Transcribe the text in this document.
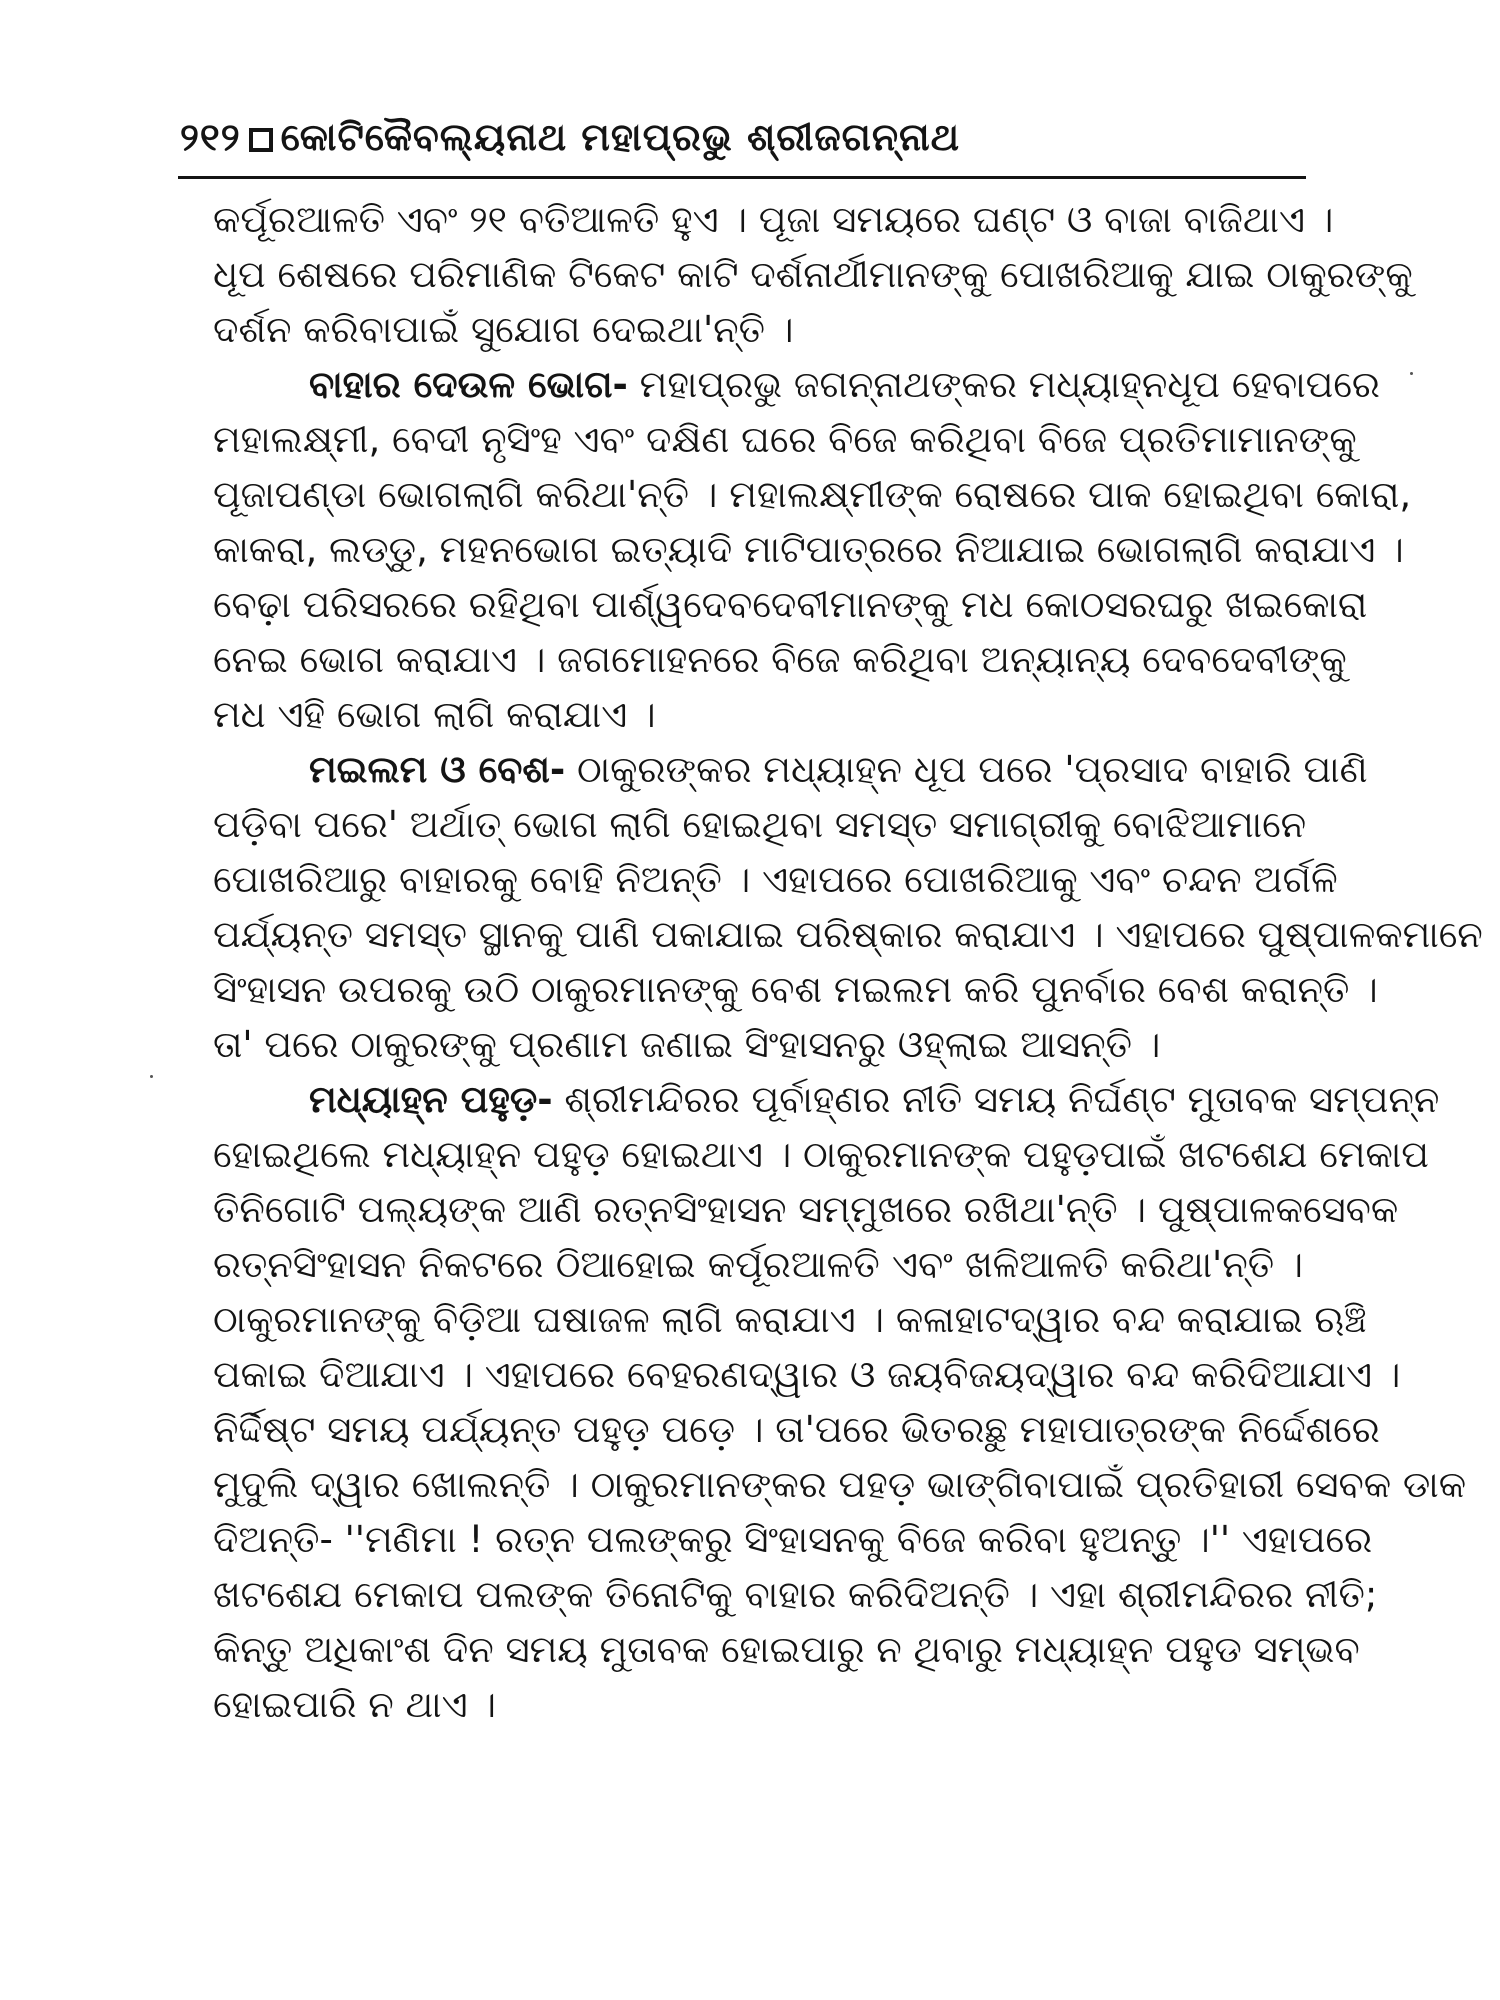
୨୧୨ କୋଟିକୈବଲ୍ୟନାଥ ମହାପ୍ରଭୁ ଶ୍ରୀଜଗନ୍ନାଥ
କର୍ପୂରଆଳତି ଏବଂ ୨୧ ବତିଆଳତି ହୁଏ । ପୂଜା ସମୟରେ ଘଣ୍ଟ ଓ ବାଜା ବାଜିଥାଏ ।
ଧୂପ ଶେଷରେ ପରିମାଣିକ ଟିକେଟ କାଟି ଦର୍ଶନାର୍ଥୀମାନଙ୍କୁ ପୋଖରିଆକୁ ଯାଇ ଠାକୁରଙ୍କୁ
ଦର୍ଶନ କରିବାପାଇଁ ସୁଯୋଗ ଦେଇଥା'ନ୍ତି ।
ବାହାର ଦେଉଳ ଭୋଗ- ମହାପ୍ରଭୁ ଜଗନ୍ନାଥଙ୍କର ମଧ୍ୟାହ୍ନଧୂପ ହେବାପରେ
ମହାଲକ୍ଷ୍ମୀ, ବେଦୀ ନୃସିଂହ ଏବଂ ଦକ୍ଷିଣ ଘରେ ବିଜେ କରିଥିବା ବିଜେ ପ୍ରତିମାମାନଙ୍କୁ
ପୂଜାପଣ୍ଡା ଭୋଗଲାଗି କରିଥା'ନ୍ତି । ମହାଲକ୍ଷ୍ମୀଙ୍କ ରୋଷରେ ପାକ ହୋଇଥିବା କୋରା,
କାକରା, ଲଡ୍ଡୁ, ମହନଭୋଗ ଇତ୍ୟାଦି ମାଟିପାତ୍ରରେ ନିଆଯାଇ ଭୋଗଲାଗି କରାଯାଏ ।
ବେଢ଼ା ପରିସରରେ ରହିଥିବା ପାର୍ଶ୍ୱଦେବଦେବୀମାନଙ୍କୁ ମଧ କୋଠସରଘରୁ ଖଇକୋରା
ନେଇ ଭୋଗ କରାଯାଏ । ଜଗମୋହନରେ ବିଜେ କରିଥିବା ଅନ୍ୟାନ୍ୟ ଦେବଦେବୀଙ୍କୁ
ମଧ ଏହି ଭୋଗ ଲାଗି କରାଯାଏ ।
ମଇଲମ ଓ ବେଶ- ଠାକୁରଙ୍କର ମଧ୍ୟାହ୍ନ ଧୂପ ପରେ 'ପ୍ରସାଦ ବାହାରି ପାଣି
ପଡ଼ିବା ପରେ' ଅର୍ଥାତ୍ ଭୋଗ ଲାଗି ହୋଇଥିବା ସମସ୍ତ ସମାଗ୍ରୀକୁ ବୋଝିଆମାନେ
ପୋଖରିଆରୁ ବାହାରକୁ ବୋହି ନିଅନ୍ତି । ଏହାପରେ ପୋଖରିଆକୁ ଏବଂ ଚନ୍ଦନ ଅର୍ଗଳି
ପର୍ଯ୍ୟନ୍ତ ସମସ୍ତ ସ୍ଥାନକୁ ପାଣି ପକାଯାଇ ପରିଷ୍କାର କରାଯାଏ । ଏହାପରେ ପୁଷ୍ପାଳକମାନେ
ସିଂହାସନ ଉପରକୁ ଉଠି ଠାକୁରମାନଙ୍କୁ ବେଶ ମଇଲମ କରି ପୁନର୍ବାର ବେଶ କରାନ୍ତି ।
ତା' ପରେ ଠାକୁରଙ୍କୁ ପ୍ରଣାମ ଜଣାଇ ସିଂହାସନରୁ ଓହ୍ଲାଇ ଆସନ୍ତି ।
ମଧ୍ୟାହ୍ନ ପହୁଡ଼- ଶ୍ରୀମନ୍ଦିରର ପୂର୍ବାହ୍ଣର ନୀତି ସମୟ ନିର୍ଘଣ୍ଟ ମୁତାବକ ସମ୍ପନ୍ନ
ହୋଇଥିଲେ ମଧ୍ୟାହ୍ନ ପହୁଡ଼ ହୋଇଥାଏ । ଠାକୁରମାନଙ୍କ ପହୁଡ଼ପାଇଁ ଖଟଶେଯ ମେକାପ
ତିନିଗୋଟି ପଲ୍ୟଙ୍କ ଆଣି ରତ୍ନସିଂହାସନ ସମ୍ମୁଖରେ ରଖିଥା'ନ୍ତି । ପୁଷ୍ପାଳକସେବକ
ରତ୍ନସିଂହାସନ ନିକଟରେ ଠିଆହୋଇ କର୍ପୂରଆଳତି ଏବଂ ଖଳିଆଳତି କରିଥା'ନ୍ତି ।
ଠାକୁରମାନଙ୍କୁ ବିଡ଼ିଆ ଘଷାଜଳ ଲାଗି କରାଯାଏ । କଳାହାଟଦ୍ୱାର ବନ୍ଦ କରାଯାଇ ଋଞ୍ଚି
ପକାଇ ଦିଆଯାଏ । ଏହାପରେ ବେହରଣଦ୍ୱାର ଓ ଜୟବିଜୟଦ୍ୱାର ବନ୍ଦ କରିଦିଆଯାଏ ।
ନିର୍ଦ୍ଦିଷ୍ଟ ସମୟ ପର୍ଯ୍ୟନ୍ତ ପହୁଡ଼ ପଡ଼େ । ତା'ପରେ ଭିତରଛୁ ମହାପାତ୍ରଙ୍କ ନିର୍ଦ୍ଦେଶରେ
ମୁଦୁଲି ଦ୍ୱାର ଖୋଲନ୍ତି । ଠାକୁରମାନଙ୍କର ପହଡ଼ ଭାଙ୍ଗିବାପାଇଁ ପ୍ରତିହାରୀ ସେବକ ଡାକ
ଦିଅନ୍ତି- ''ମଣିମା ! ରତ୍ନ ପଲଙ୍କରୁ ସିଂହାସନକୁ ବିଜେ କରିବା ହୁଅନ୍ତୁ ।'' ଏହାପରେ
ଖଟଶେଯ ମେକାପ ପଲଙ୍କ ତିନୋଟିକୁ ବାହାର କରିଦିଅନ୍ତି । ଏହା ଶ୍ରୀମନ୍ଦିରର ନୀତି;
କିନ୍ତୁ ଅଧିକାଂଶ ଦିନ ସମୟ ମୁତାବକ ହୋଇପାରୁ ନ ଥିବାରୁ ମଧ୍ୟାହ୍ନ ପହୁଡ ସମ୍ଭବ
ହୋଇପାରି ନ ଥାଏ ।
